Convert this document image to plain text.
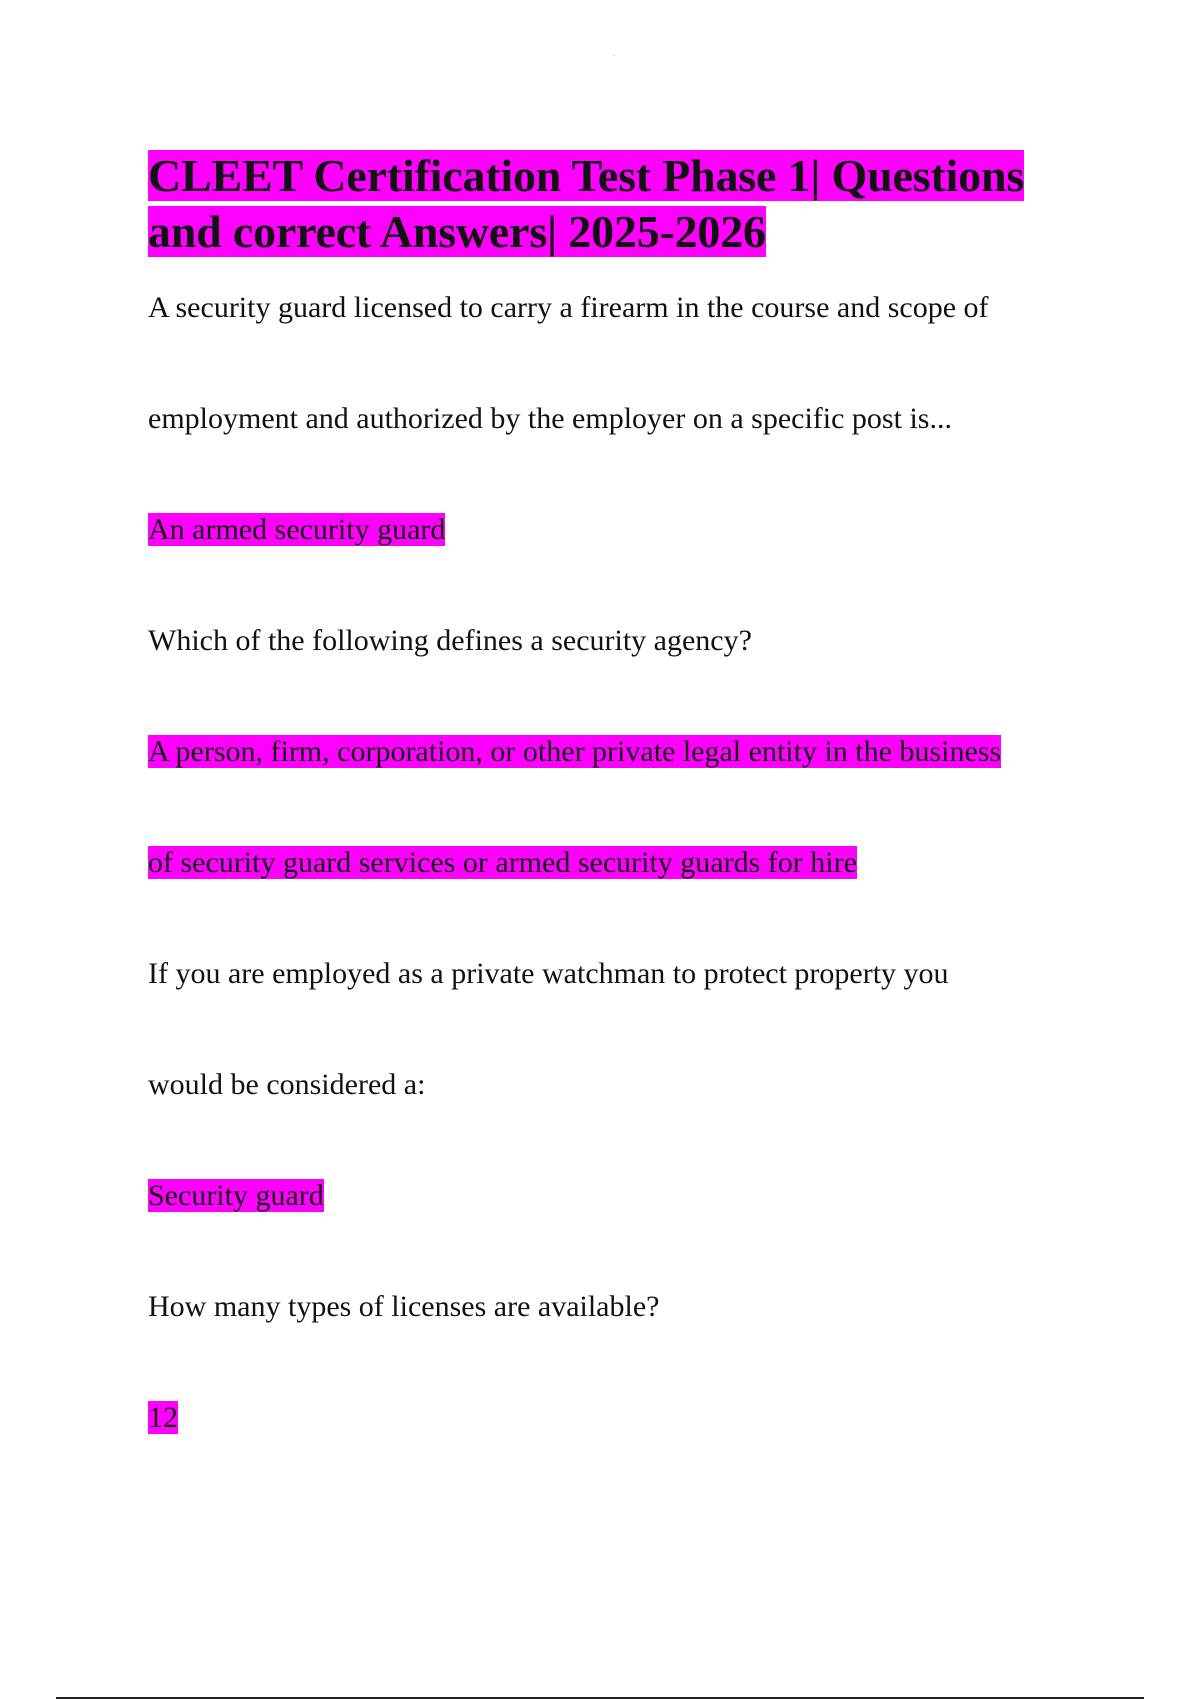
CLEET Certification Test Phase 1| Questions and correct Answers| 2025-2026
A security guard licensed to carry a firearm in the course and scope of
employment and authorized by the employer on a specific post is...
An armed security guard
Which of the following defines a security agency?
A person, firm, corporation, or other private legal entity in the business
of security guard services or armed security guards for hire
If you are employed as a private watchman to protect property you
would be considered a:
Security guard
How many types of licenses are available?
12
